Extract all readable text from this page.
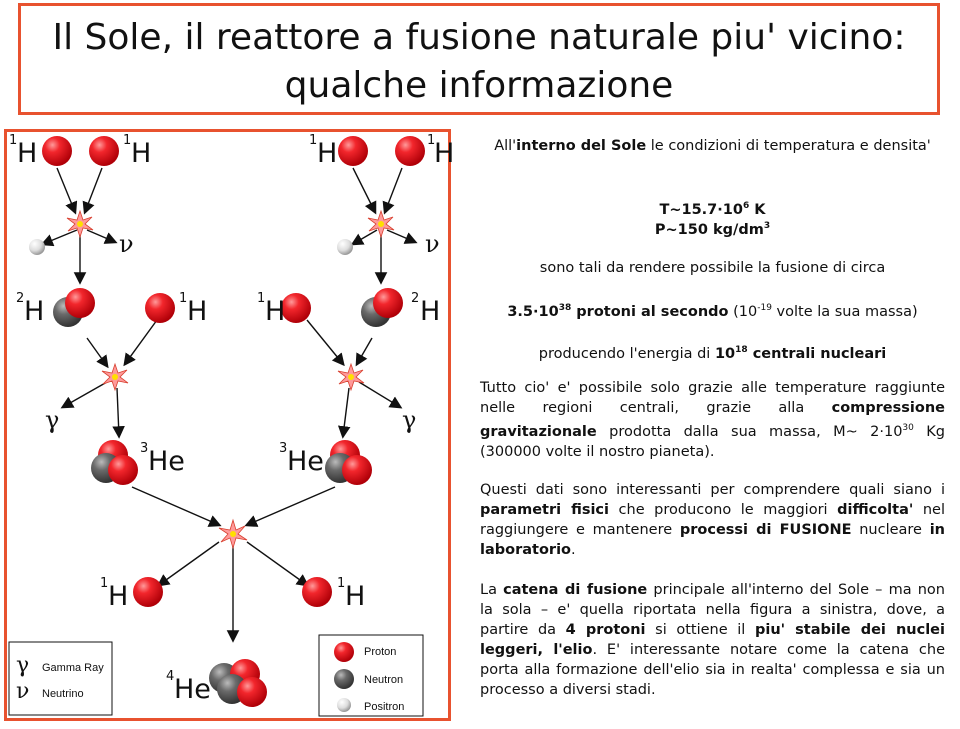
Il Sole, il reattore a fusione naturale piu' vicino:
qualche informazione
1 H	1 H	1 H	1
H
ν	ν
2 H	1 H	1 H	2 H
γ	γ
3 He	3 He
1 H	1 H
4 He
γ Gamma Ray
ν Neutrino
Proton
Neutron
Positron
All'interno del Sole le condizioni di temperatura e densita'
$T\sim 15.7\cdot 10^6$ K
P~150 $kg/dm^3$
sono tali da rendere possibile la fusione di circa
$3.5\cdot 10^{38}$ protoni al secondo ($10^{-19}$ volte la sua massa)
producendo l'energia di $10^{18}$ centrali nucleari
Tutto cio' e' possibile solo grazie alle temperature raggiunte nelle regioni centrali, grazie alla compressione gravitazionale prodotta dalla sua massa, M~ $2\cdot 10^{30}$ Kg (300000 volte il nostro pianeta).
Questi dati sono interessanti per comprendere quali siano i parametri fisici che producono le maggiori difficolta' nel raggiungere e mantenere processi di FUSIONE nucleare in laboratorio.
La catena di fusione principale all'interno del Sole – ma non la sola – e' quella riportata nella figura a sinistra, dove, a partire da 4 protoni si ottiene il piu' stabile dei nuclei leggeri, l'elio. E' interessante notare come la catena che porta alla formazione dell'elio sia in realta' complessa e sia un processo a diversi stadi.
